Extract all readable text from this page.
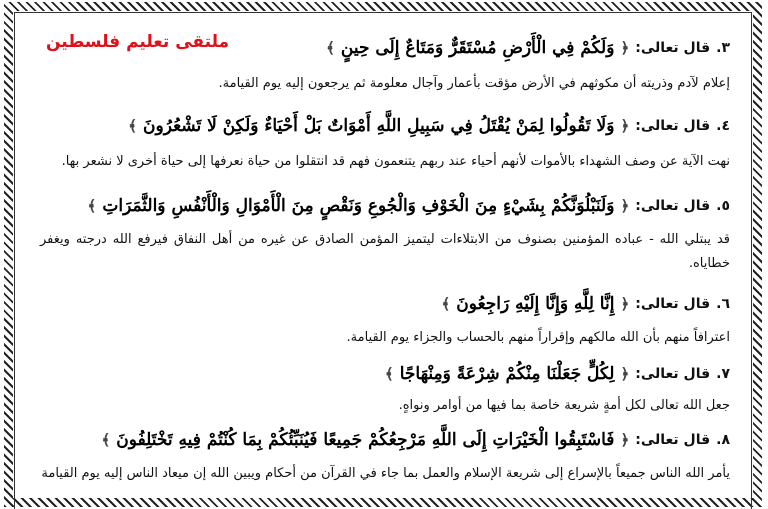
ملتقى تعليم فلسطين	٣.
قال تعالى:
﴿
وَلَكُمْ فِي الْأَرْضِ مُسْتَقَرٌّ وَمَتَاعٌ إِلَى حِينٍ
﴾

إعلام لآدم وذريته أن مكوثهم في الأرض مؤقت بأعمار وآجال معلومة ثم يرجعون إليه يوم القيامة.

٤.
قال تعالى:
﴿
وَلَا تَقُولُوا لِمَنْ يُقْتَلُ فِي سَبِيلِ اللَّهِ أَمْوَاتٌ بَلْ أَحْيَاءٌ وَلَكِنْ لَا تَشْعُرُونَ
﴾

نهت الآية عن وصف الشهداء بالأموات لأنهم أحياء عند ربهم يتنعمون فهم قد انتقلوا من حياة نعرفها إلى حياة أخرى لا نشعر بها.

٥.
قال تعالى:
﴿
وَلَنَبْلُوَنَّكُمْ بِشَيْءٍ مِنَ الْخَوْفِ وَالْجُوعِ وَنَقْصٍ مِنَ الْأَمْوَالِ وَالْأَنْفُسِ وَالثَّمَرَاتِ
﴾

قد يبتلي الله - عباده المؤمنين بصنوف من الابتلاءات ليتميز المؤمن الصادق عن غيره من أهل النفاق فيرفع الله درجته ويغفر خطاياه.

٦.
قال تعالى:
﴿
إِنَّا لِلَّهِ وَإِنَّا إِلَيْهِ رَاجِعُونَ
﴾

اعترافاً منهم بأن الله مالكهم وإقراراً منهم بالحساب والجزاء يوم القيامة.

٧.
قال تعالى:
﴿
لِكُلٍّ جَعَلْنَا مِنْكُمْ شِرْعَةً وَمِنْهَاجًا
﴾

جعل الله تعالى لكل أمةٍ شريعة خاصة بما فيها من أوامر ونواهٍ.

٨.
قال تعالى:
﴿
فَاسْتَبِقُوا الْخَيْرَاتِ إِلَى اللَّهِ مَرْجِعُكُمْ جَمِيعًا فَيُنَبِّئُكُمْ بِمَا كُنْتُمْ فِيهِ تَخْتَلِفُونَ
﴾

يأمر الله الناس جميعاً بالإسراع إلى شريعة الإسلام والعمل بما جاء في القرآن من أحكام ويبين الله إن ميعاد الناس إليه يوم القيامة
